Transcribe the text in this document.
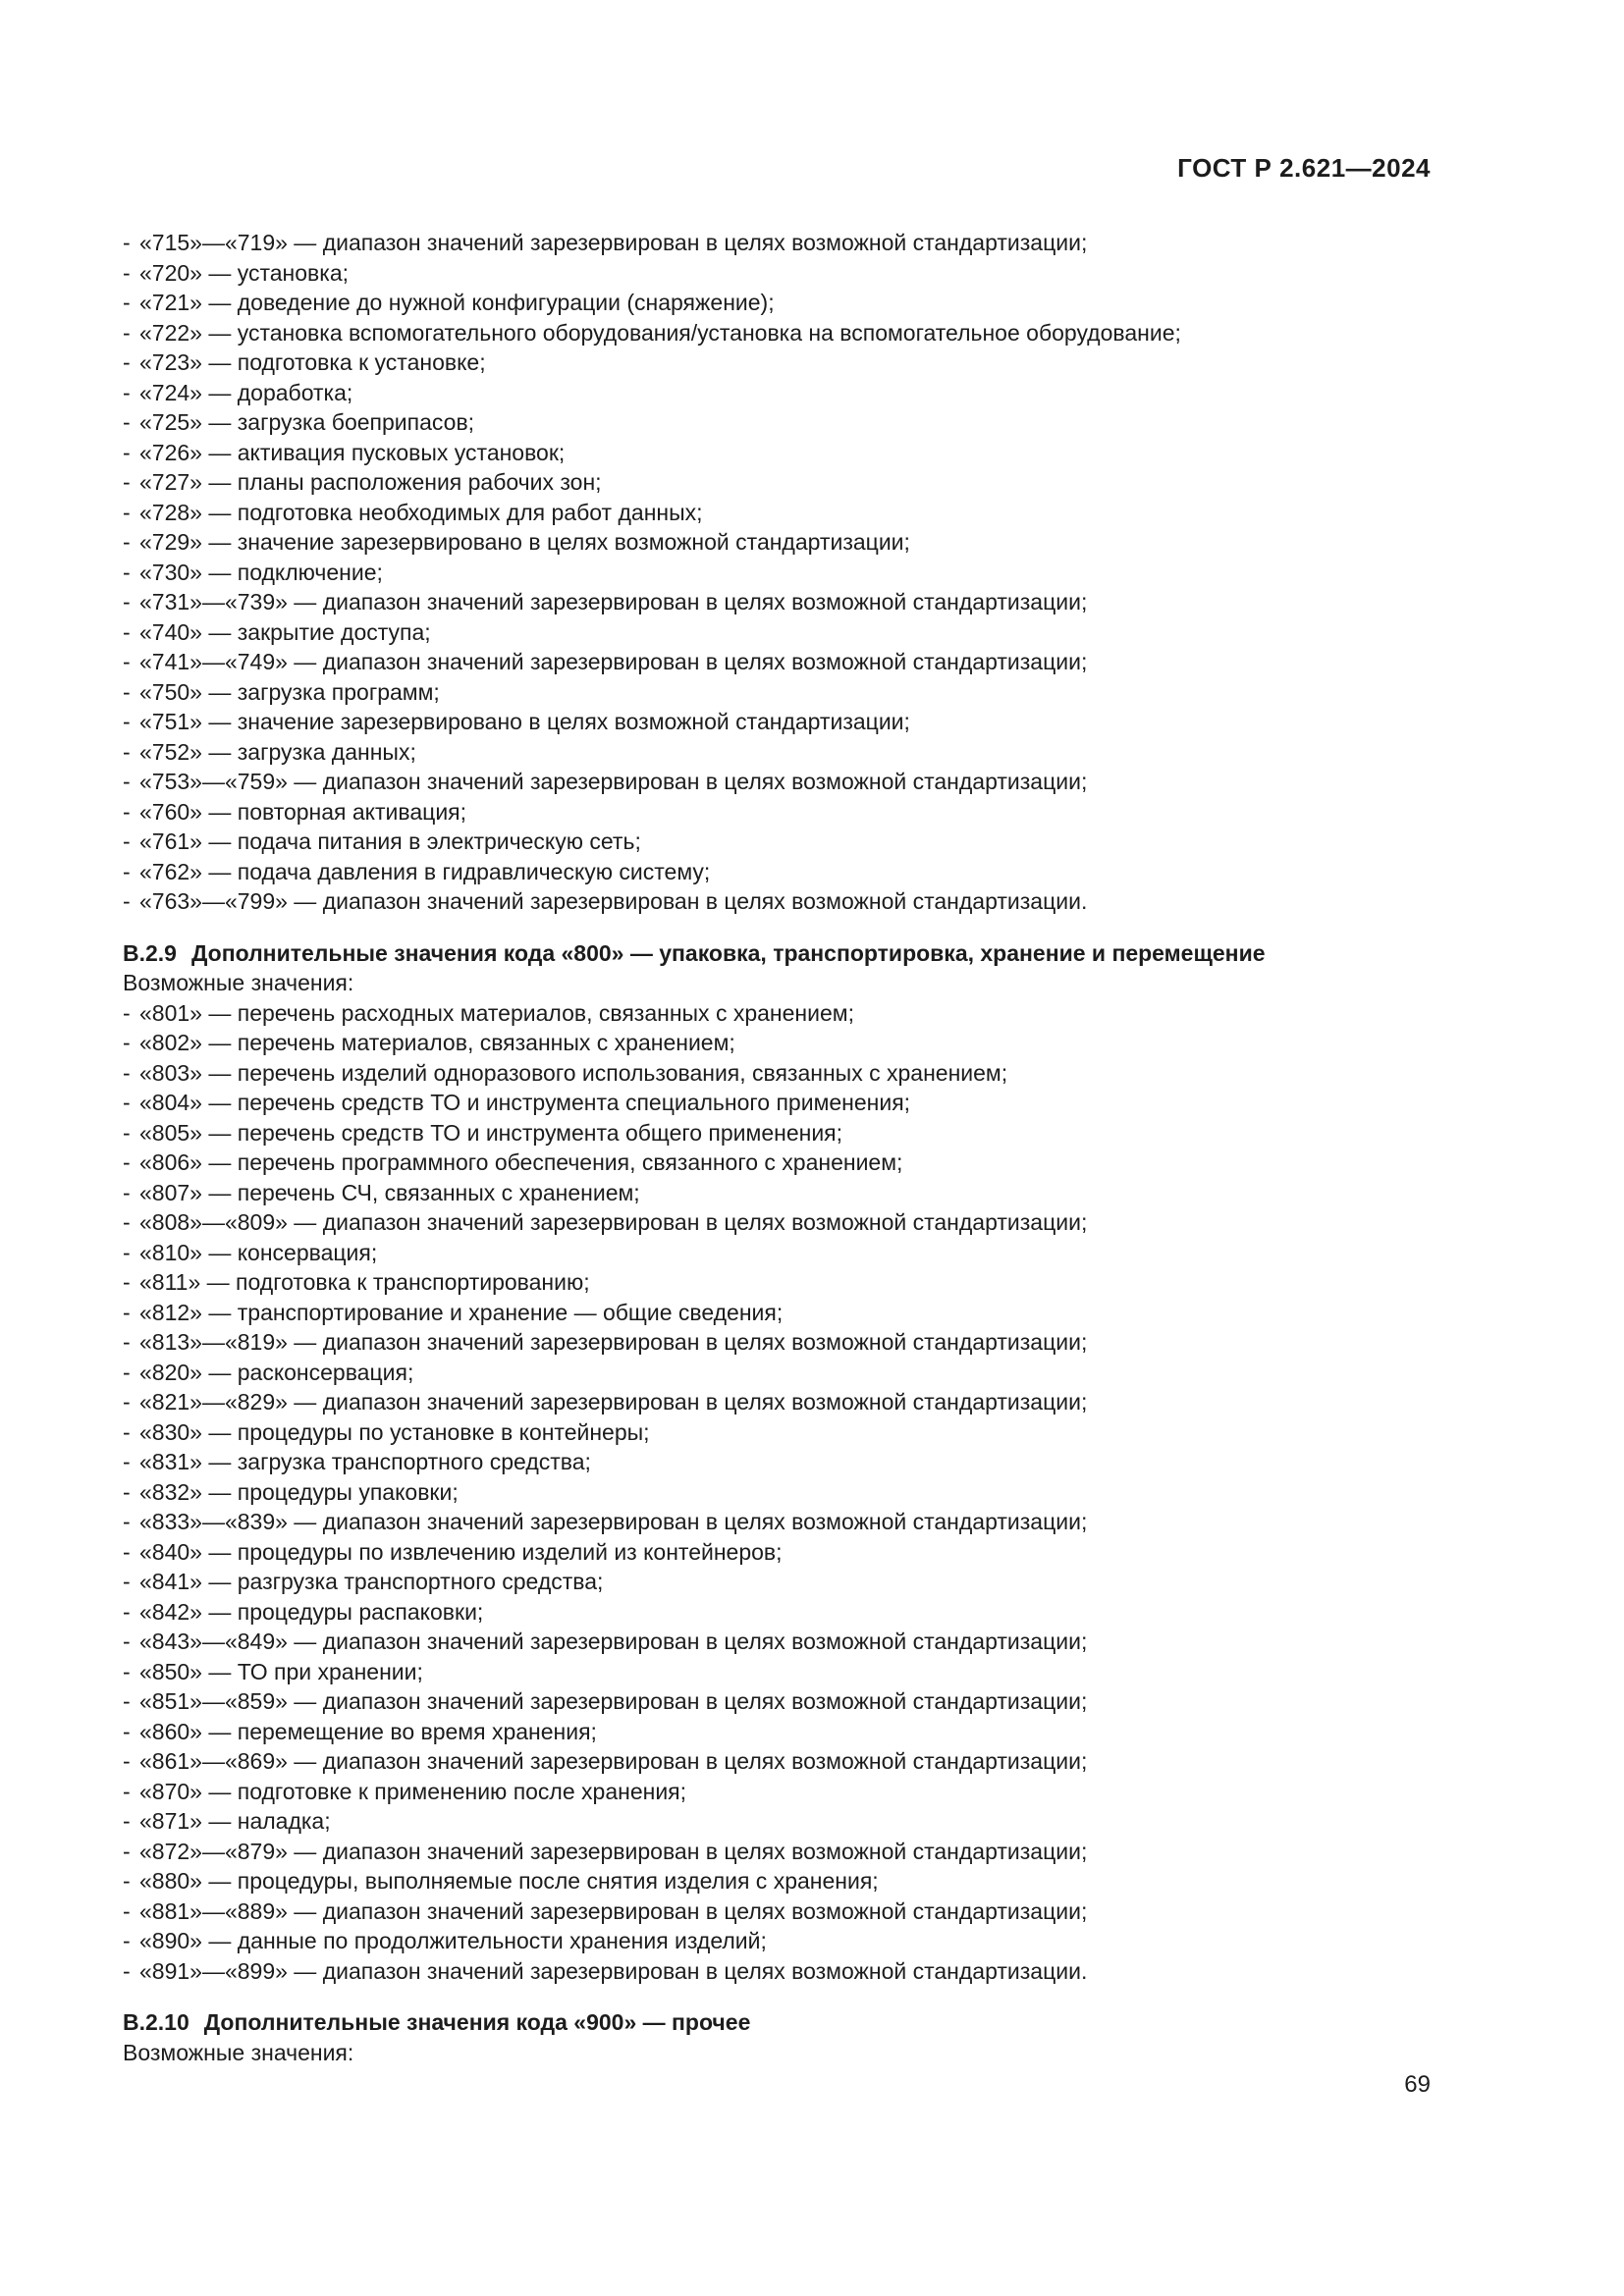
ГОСТ Р 2.621—2024
- «715»—«719» — диапазон значений зарезервирован в целях возможной стандартизации;
- «720» — установка;
- «721» — доведение до нужной конфигурации (снаряжение);
- «722» — установка вспомогательного оборудования/установка на вспомогательное оборудование;
- «723» — подготовка к установке;
- «724» — доработка;
- «725» — загрузка боеприпасов;
- «726» — активация пусковых установок;
- «727» — планы расположения рабочих зон;
- «728» — подготовка необходимых для работ данных;
- «729» — значение зарезервировано в целях возможной стандартизации;
- «730» — подключение;
- «731»—«739» — диапазон значений зарезервирован в целях возможной стандартизации;
- «740» — закрытие доступа;
- «741»—«749» — диапазон значений зарезервирован в целях возможной стандартизации;
- «750» — загрузка программ;
- «751» — значение зарезервировано в целях возможной стандартизации;
- «752» — загрузка данных;
- «753»—«759» — диапазон значений зарезервирован в целях возможной стандартизации;
- «760» — повторная активация;
- «761» — подача питания в электрическую сеть;
- «762» — подача давления в гидравлическую систему;
- «763»—«799» — диапазон значений зарезервирован в целях возможной стандартизации.
В.2.9 Дополнительные значения кода «800» — упаковка, транспортировка, хранение и перемещение
Возможные значения:
- «801» — перечень расходных материалов, связанных с хранением;
- «802» — перечень материалов, связанных с хранением;
- «803» — перечень изделий одноразового использования, связанных с хранением;
- «804» — перечень средств ТО и инструмента специального применения;
- «805» — перечень средств ТО и инструмента общего применения;
- «806» — перечень программного обеспечения, связанного с хранением;
- «807» — перечень СЧ, связанных с хранением;
- «808»—«809» — диапазон значений зарезервирован в целях возможной стандартизации;
- «810» — консервация;
- «811» — подготовка к транспортированию;
- «812» — транспортирование и хранение — общие сведения;
- «813»—«819» — диапазон значений зарезервирован в целях возможной стандартизации;
- «820» — расконсервация;
- «821»—«829» — диапазон значений зарезервирован в целях возможной стандартизации;
- «830» — процедуры по установке в контейнеры;
- «831» — загрузка транспортного средства;
- «832» — процедуры упаковки;
- «833»—«839» — диапазон значений зарезервирован в целях возможной стандартизации;
- «840» — процедуры по извлечению изделий из контейнеров;
- «841» — разгрузка транспортного средства;
- «842» — процедуры распаковки;
- «843»—«849» — диапазон значений зарезервирован в целях возможной стандартизации;
- «850» — ТО при хранении;
- «851»—«859» — диапазон значений зарезервирован в целях возможной стандартизации;
- «860» — перемещение во время хранения;
- «861»—«869» — диапазон значений зарезервирован в целях возможной стандартизации;
- «870» — подготовке к применению после хранения;
- «871» — наладка;
- «872»—«879» — диапазон значений зарезервирован в целях возможной стандартизации;
- «880» — процедуры, выполняемые после снятия изделия с хранения;
- «881»—«889» — диапазон значений зарезервирован в целях возможной стандартизации;
- «890» — данные по продолжительности хранения изделий;
- «891»—«899» — диапазон значений зарезервирован в целях возможной стандартизации.
В.2.10 Дополнительные значения кода «900» — прочее
Возможные значения:
69
